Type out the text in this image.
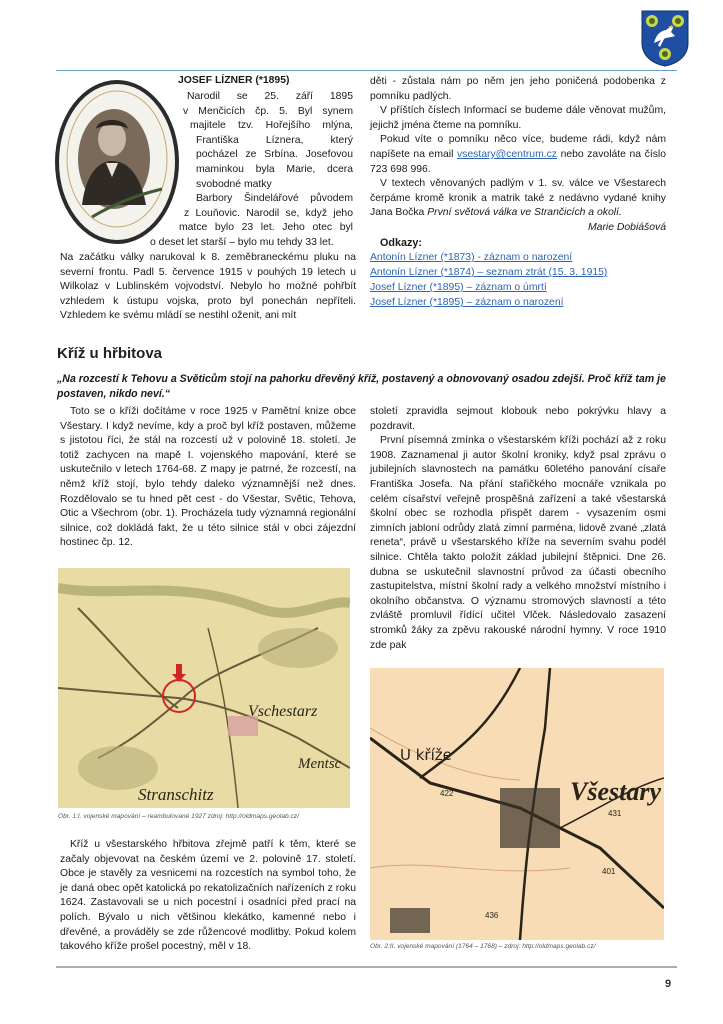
JOSEF LÍZNER (*1895)
Narodil se 25. září 1895
v Menčicích čp. 5. Byl synem
majitele tzv. Hořejšího mlýna,
Františka Líznera, který
pocházel ze Srbína. Josefovou
maminkou byla Marie, dcera
svobodné matky
Barbory Šindelářové původem
z Louňovic. Narodil se, když jeho
matce bylo 23 let. Jeho otec byl
o deset let starší – bylo mu tehdy 33 let.

Na začátku války narukoval k 8. zeměbraneckému pluku na severní frontu. Padl 5. července 1915 v pouhých 19 letech u Wilkolaz v Lublinském vojvodství. Nebylo ho možné pohřbít vzhledem k ústupu vojska, proto byl ponechán nepříteli. Vzhledem ke svému mládí se nestihl oženit, ani mít

děti - zůstala nám po něm jen jeho poničená podobenka z pomníku padlých.

V příštích číslech Informací se budeme dále věnovat mužům, jejichž jména čteme na pomníku.

Pokud víte o pomníku něco více, budeme rádi, když nám napíšete na email vsestary@centrum.cz nebo zavoláte na číslo 723 698 996.

V textech věnovaných padlým v 1. sv. válce ve Všestarech čerpáme kromě kronik a matrik také z nedávno vydané knihy Jana Bočka První světová válka ve Strančicích a okolí.

Marie Dobiášová

Odkazy:

Antonín Lízner (*1873) - záznam o narození
Antonín Lízner (*1874) – seznam ztrát (15. 3. 1915)
Josef Lízner (*1895) – záznam o úmrtí
Josef Lízner (*1895) – záznam o narození
Kříž u hřbitova
„Na rozcestí k Tehovu a Světicům stojí na pahorku dřevěný kříž, postavený a obnovovaný osadou zdejší. Proč kříž tam je postaven, nikdo neví.“

Toto se o kříži dočítáme v roce 1925 v Pamětní knize obce Všestary. I když nevíme, kdy a proč byl kříž postaven, můžeme s jistotou říci, že stál na rozcestí už v polovině 18. století. Je totiž zachycen na mapě I. vojenského mapování, které se uskutečnilo v letech 1764-68. Z mapy je patrné, že rozcestí, na němž kříž stojí, bylo tehdy daleko významnější než dnes. Rozdělovalo se tu hned pět cest - do Všestar, Světic, Tehova, Otic a Všechrom (obr. 1). Procházela tudy významná regionální silnice, což dokládá fakt, že u této silnice stál v obci zájezdní hostinec čp. 12.

století zpravidla sejmout klobouk nebo pokrývku hlavy a pozdravit.

První písemná zmínka o všestarském kříži pochází až z roku 1908. Zaznamenal ji autor školní kroniky, když psal zprávu o jubilejních slavnostech na památku 60letého panování císaře Františka Josefa. Na přání stařičkého mocnáře vznikala po celém císařství veřejně prospěšná zařízení a také všestarská školní obec se rozhodla přispět darem - vysazením osmi zimních jabloní odrůdy zlatá zimní parména, lidově zvané „zlatá reneta“, právě u všestarského kříže na severním svahu podél silnice. Chtěla takto položit základ jubilejní štěpnici. Dne 26. dubna se uskutečnil slavnostní průvod za účasti obecního zastupitelstva, místní školní rady a velkého množství místního i okolního občanstva. O významu stromových slavností a této zvláště promluvil řídící učitel Vlček. Následovalo zasazení stromků žáky za zpěvu rakouské národní hymny. V roce 1910 zde pak

Vschestarz
Mentsc
Stranschitz
Obr. 1:I. vojenské mapování – reambulované 1927 zdroj: http://oldmaps.geolab.cz/

Kříž u všestarského hřbitova zřejmě patří k těm, které se začaly objevovat na českém území ve 2. polovině 17. století. Obce je stavěly za vesnicemi na rozcestích na symbol toho, že je daná obec opět katolická po rekatolizačních nařízeních z roku 1624. Zastavovali se u nich pocestní i osadníci před prací na polích. Bývalo u nich většinou klekátko, kamenné nebo i dřevěné, a prováděly se zde růžencové modlitby. Pokud kolem takového kříže prošel pocestný, měl v 18.

U kříže
Všestary
422
431
401
436
Obr. 2:II. vojenské mapování (1764 – 1768) – zdroj: http://oldmaps.geolab.cz/
9
